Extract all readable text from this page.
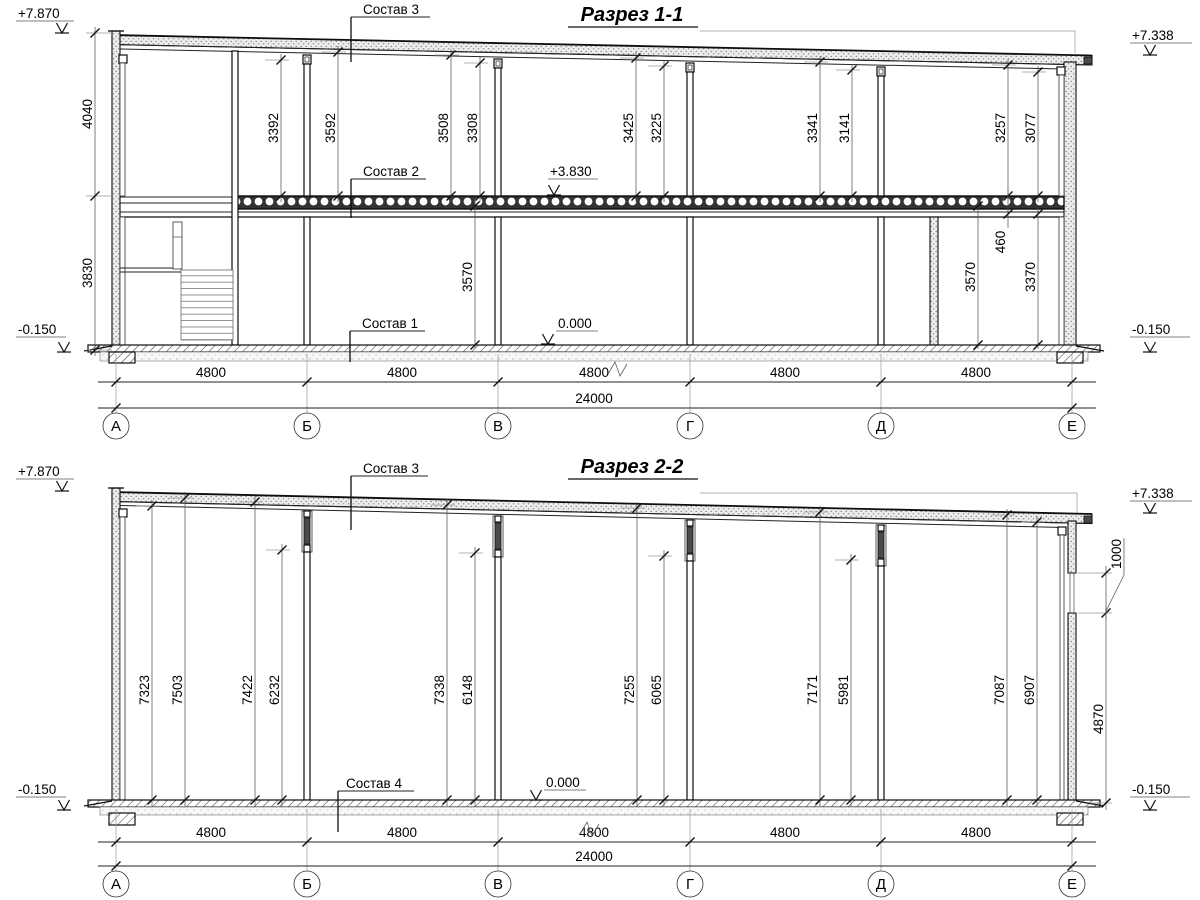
Разрез 1-1
+7.870
+7.338
-0.150	-0.150
+3.830
0.000
Состав 3
Состав 2
Состав 1
4040
3830
3392	3592	3508 3308	3425 3225	3341 3141	3257 3077
3570
460
3570	3370
4800	4800	4800	4800	4800
24000
А	Б	В	Г	Д	Е
Разрез 2-2
+7.870
+7.338
-0.150	-0.150
0.000
Состав 3
Состав 4
7323 7503	7422 6232	7338 6148	7255 6065	7171 5981	7087 6907
1000
4870
4800	4800	4800	4800	4800
24000
А	Б	В	Г	Д	Е
